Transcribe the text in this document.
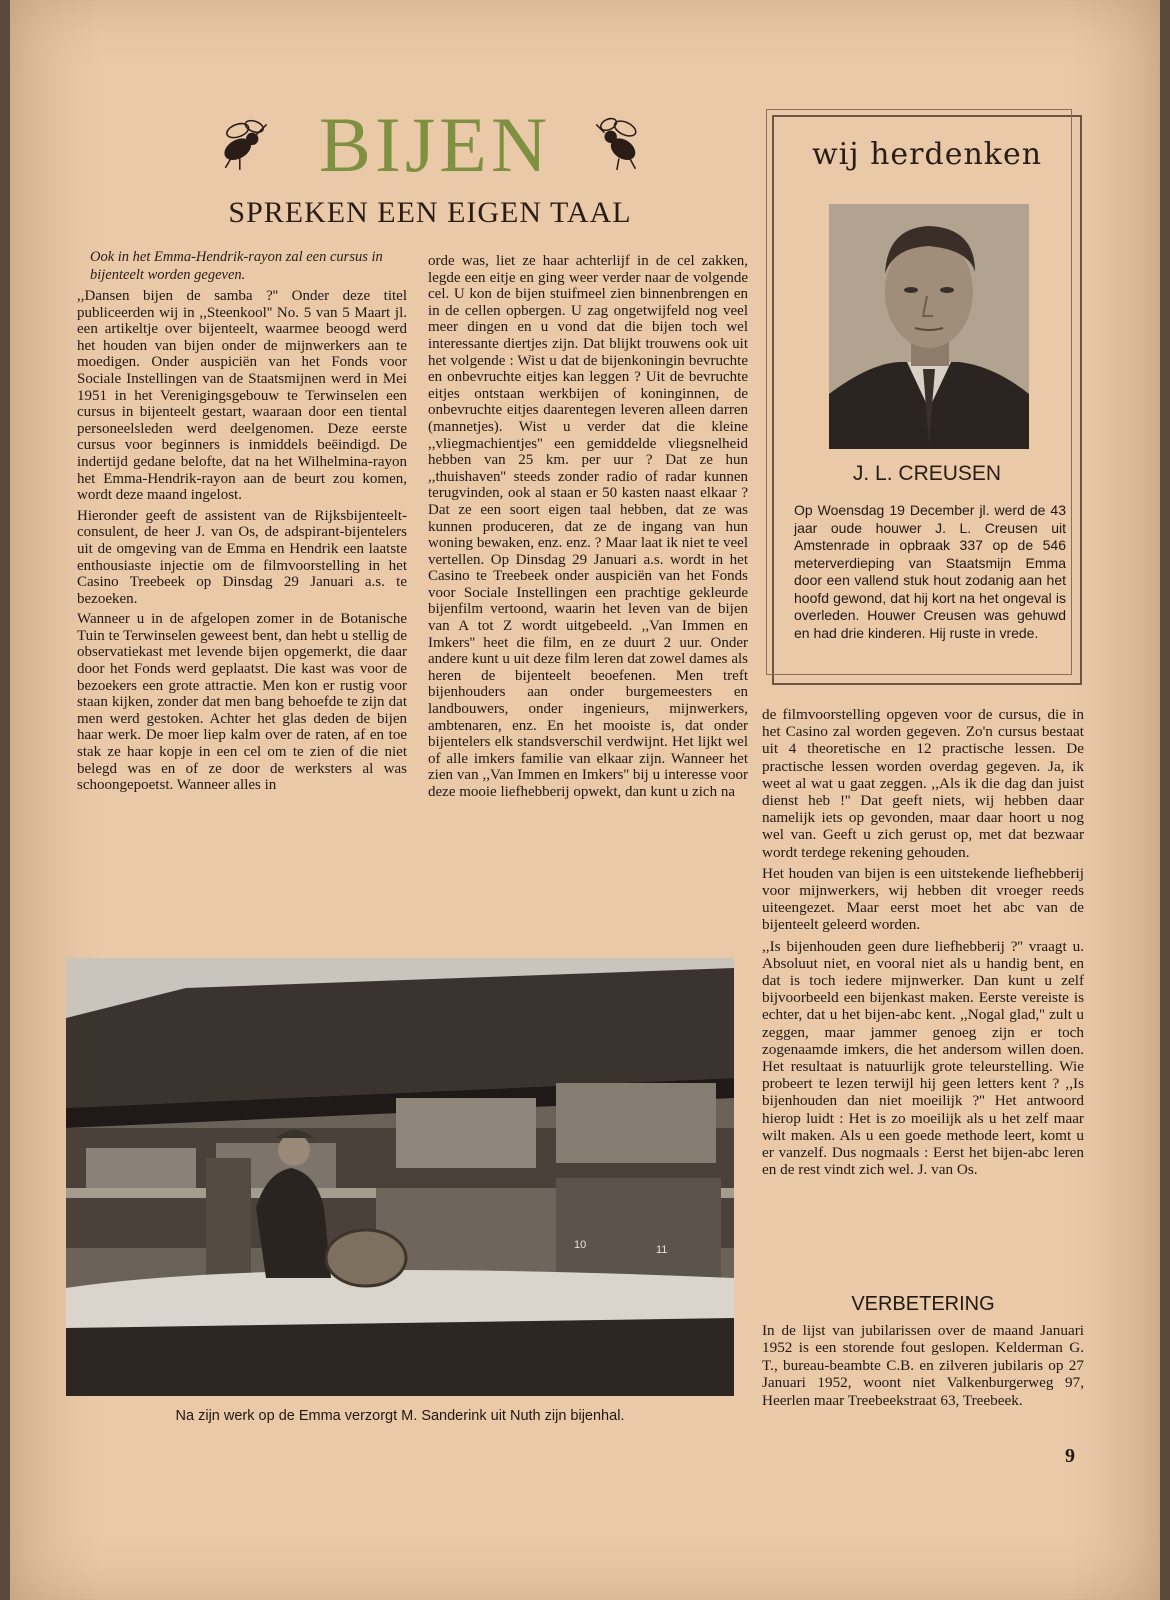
BIJEN
SPREKEN EEN EIGEN TAAL
Ook in het Emma-Hendrik-rayon zal een cursus in bijenteelt worden gegeven.

,,Dansen bijen de samba ?'' Onder deze titel publiceerden wij in ,,Steenkool'' No. 5 van 5 Maart jl. een artikeltje over bijenteelt, waarmee beoogd werd het houden van bijen onder de mijnwerkers aan te moedigen. Onder auspiciën van het Fonds voor Sociale Instellingen van de Staatsmijnen werd in Mei 1951 in het Verenigingsgebouw te Terwinselen een cursus in bijenteelt gestart, waaraan door een tiental personeelsleden werd deelgenomen. Deze eerste cursus voor beginners is inmiddels beëindigd. De indertijd gedane belofte, dat na het Wilhelmina-rayon het Emma-Hendrik-rayon aan de beurt zou komen, wordt deze maand ingelost.

Hieronder geeft de assistent van de Rijksbijenteelt-consulent, de heer J. van Os, de adspirant-bijentelers uit de omgeving van de Emma en Hendrik een laatste enthousiaste injectie om de filmvoorstelling in het Casino Treebeek op Dinsdag 29 Januari a.s. te bezoeken.

Wanneer u in de afgelopen zomer in de Botanische Tuin te Terwinselen geweest bent, dan hebt u stellig de observatiekast met levende bijen opgemerkt, die daar door het Fonds werd geplaatst. Die kast was voor de bezoekers een grote attractie. Men kon er rustig voor staan kijken, zonder dat men bang behoefde te zijn dat men werd gestoken. Achter het glas deden de bijen haar werk. De moer liep kalm over de raten, af en toe stak ze haar kopje in een cel om te zien of die niet belegd was en of ze door de werksters al was schoongepoetst. Wanneer alles in

orde was, liet ze haar achterlijf in de cel zakken, legde een eitje en ging weer verder naar de volgende cel. U kon de bijen stuifmeel zien binnenbrengen en in de cellen opbergen. U zag ongetwijfeld nog veel meer dingen en u vond dat die bijen toch wel interessante diertjes zijn. Dat blijkt trouwens ook uit het volgende : Wist u dat de bijenkoningin bevruchte en onbevruchte eitjes kan leggen ? Uit de bevruchte eitjes ontstaan werkbijen of koninginnen, de onbevruchte eitjes daarentegen leveren alleen darren (mannetjes). Wist u verder dat die kleine ,,vliegmachientjes'' een gemiddelde vliegsnelheid hebben van 25 km. per uur ? Dat ze hun ,,thuishaven'' steeds zonder radio of radar kunnen terugvinden, ook al staan er 50 kasten naast elkaar ? Dat ze een soort eigen taal hebben, dat ze was kunnen produceren, dat ze de ingang van hun woning bewaken, enz. enz. ? Maar laat ik niet te veel vertellen. Op Dinsdag 29 Januari a.s. wordt in het Casino te Treebeek onder auspiciën van het Fonds voor Sociale Instellingen een prachtige gekleurde bijenfilm vertoond, waarin het leven van de bijen van A tot Z wordt uitgebeeld. ,,Van Immen en Imkers'' heet die film, en ze duurt 2 uur. Onder andere kunt u uit deze film leren dat zowel dames als heren de bijenteelt beoefenen. Men treft bijenhouders aan onder burgemeesters en landbouwers, onder ingenieurs, mijnwerkers, ambtenaren, enz. En het mooiste is, dat onder bijentelers elk standsverschil verdwijnt. Het lijkt wel of alle imkers familie van elkaar zijn. Wanneer het zien van ,,Van Immen en Imkers'' bij u interesse voor deze mooie liefhebberij opwekt, dan kunt u zich na

wij herdenken
J. L. CREUSEN
Op Woensdag 19 December jl. werd de 43 jaar oude houwer J. L. Creusen uit Amstenrade in opbraak 337 op de 546 meterverdieping van Staatsmijn Emma door een vallend stuk hout zodanig aan het hoofd gewond, dat hij kort na het ongeval is overleden. Houwer Creusen was gehuwd en had drie kinderen. Hij ruste in vrede.
10	11
Na zijn werk op de Emma verzorgt M. Sanderink uit Nuth zijn bijenhal.

de filmvoorstelling opgeven voor de cursus, die in het Casino zal worden gegeven. Zo'n cursus bestaat uit 4 theoretische en 12 practische lessen. De practische lessen worden overdag gegeven. Ja, ik weet al wat u gaat zeggen. ,,Als ik die dag dan juist dienst heb !'' Dat geeft niets, wij hebben daar namelijk iets op gevonden, maar daar hoort u nog wel van. Geeft u zich gerust op, met dat bezwaar wordt terdege rekening gehouden.

Het houden van bijen is een uitstekende liefhebberij voor mijnwerkers, wij hebben dit vroeger reeds uiteengezet. Maar eerst moet het abc van de bijenteelt geleerd worden.

,,Is bijenhouden geen dure liefhebberij ?'' vraagt u. Absoluut niet, en vooral niet als u handig bent, en dat is toch iedere mijnwerker. Dan kunt u zelf bijvoorbeeld een bijenkast maken. Eerste vereiste is echter, dat u het bijen-abc kent. ,,Nogal glad,'' zult u zeggen, maar jammer genoeg zijn er toch zogenaamde imkers, die het andersom willen doen. Het resultaat is natuurlijk grote teleurstelling. Wie probeert te lezen terwijl hij geen letters kent ? ,,Is bijenhouden dan niet moeilijk ?'' Het antwoord hierop luidt : Het is zo moeilijk als u het zelf maar wilt maken. Als u een goede methode leert, komt u er vanzelf. Dus nogmaals : Eerst het bijen-abc leren en de rest vindt zich wel. J. van Os.

VERBETERING
In de lijst van jubilarissen over de maand Januari 1952 is een storende fout geslopen. Kelderman G. T., bureau-beambte C.B. en zilveren jubilaris op 27 Januari 1952, woont niet Valkenburgerweg 97, Heerlen maar Treebeekstraat 63, Treebeek.
9
